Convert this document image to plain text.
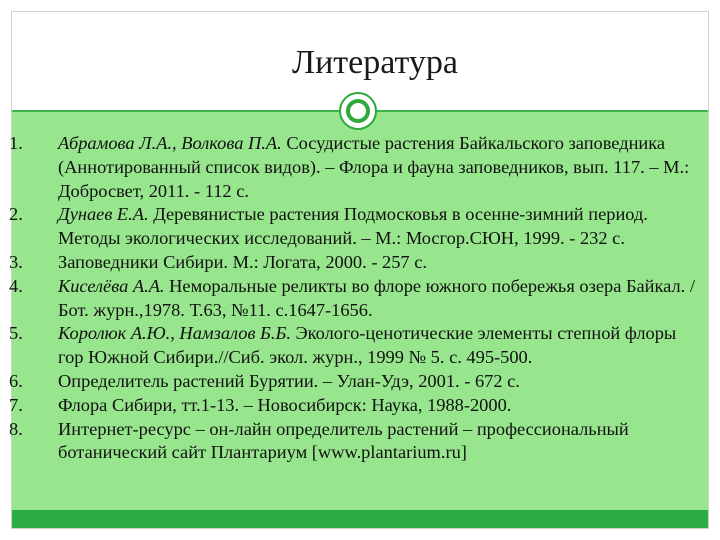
Литература
1.	Абрамова Л.А., Волкова П.А. Сосудистые растения Байкальского заповедника (Аннотированный список видов). – Флора и фауна заповедников, вып. 117. – М.: Добросвет, 2011. - 112 с.
2.	Дунаев Е.А. Деревянистые растения Подмосковья в осенне-зимний период. Методы экологических исследований. – М.: Мосгор.СЮН, 1999. - 232 с.
3.	Заповедники Сибири. М.: Логата, 2000. - 257 с.
4.	Киселёва А.А. Неморальные реликты во флоре южного побережья озера Байкал. /Бот. журн.,1978. Т.63, №11. с.1647-1656.
5.	Королюк А.Ю., Намзалов Б.Б. Эколого-ценотические элементы степной флоры гор Южной Сибири.//Сиб. экол. журн., 1999 № 5. с. 495-500.
6.	Определитель растений Бурятии. – Улан-Удэ, 2001. - 672 с.
7.	Флора Сибири, тт.1-13. – Новосибирск: Наука, 1988-2000.
8.	Интернет-ресурс – он-лайн определитель растений – профессиональный ботанический сайт Плантариум [www.plantarium.ru]
